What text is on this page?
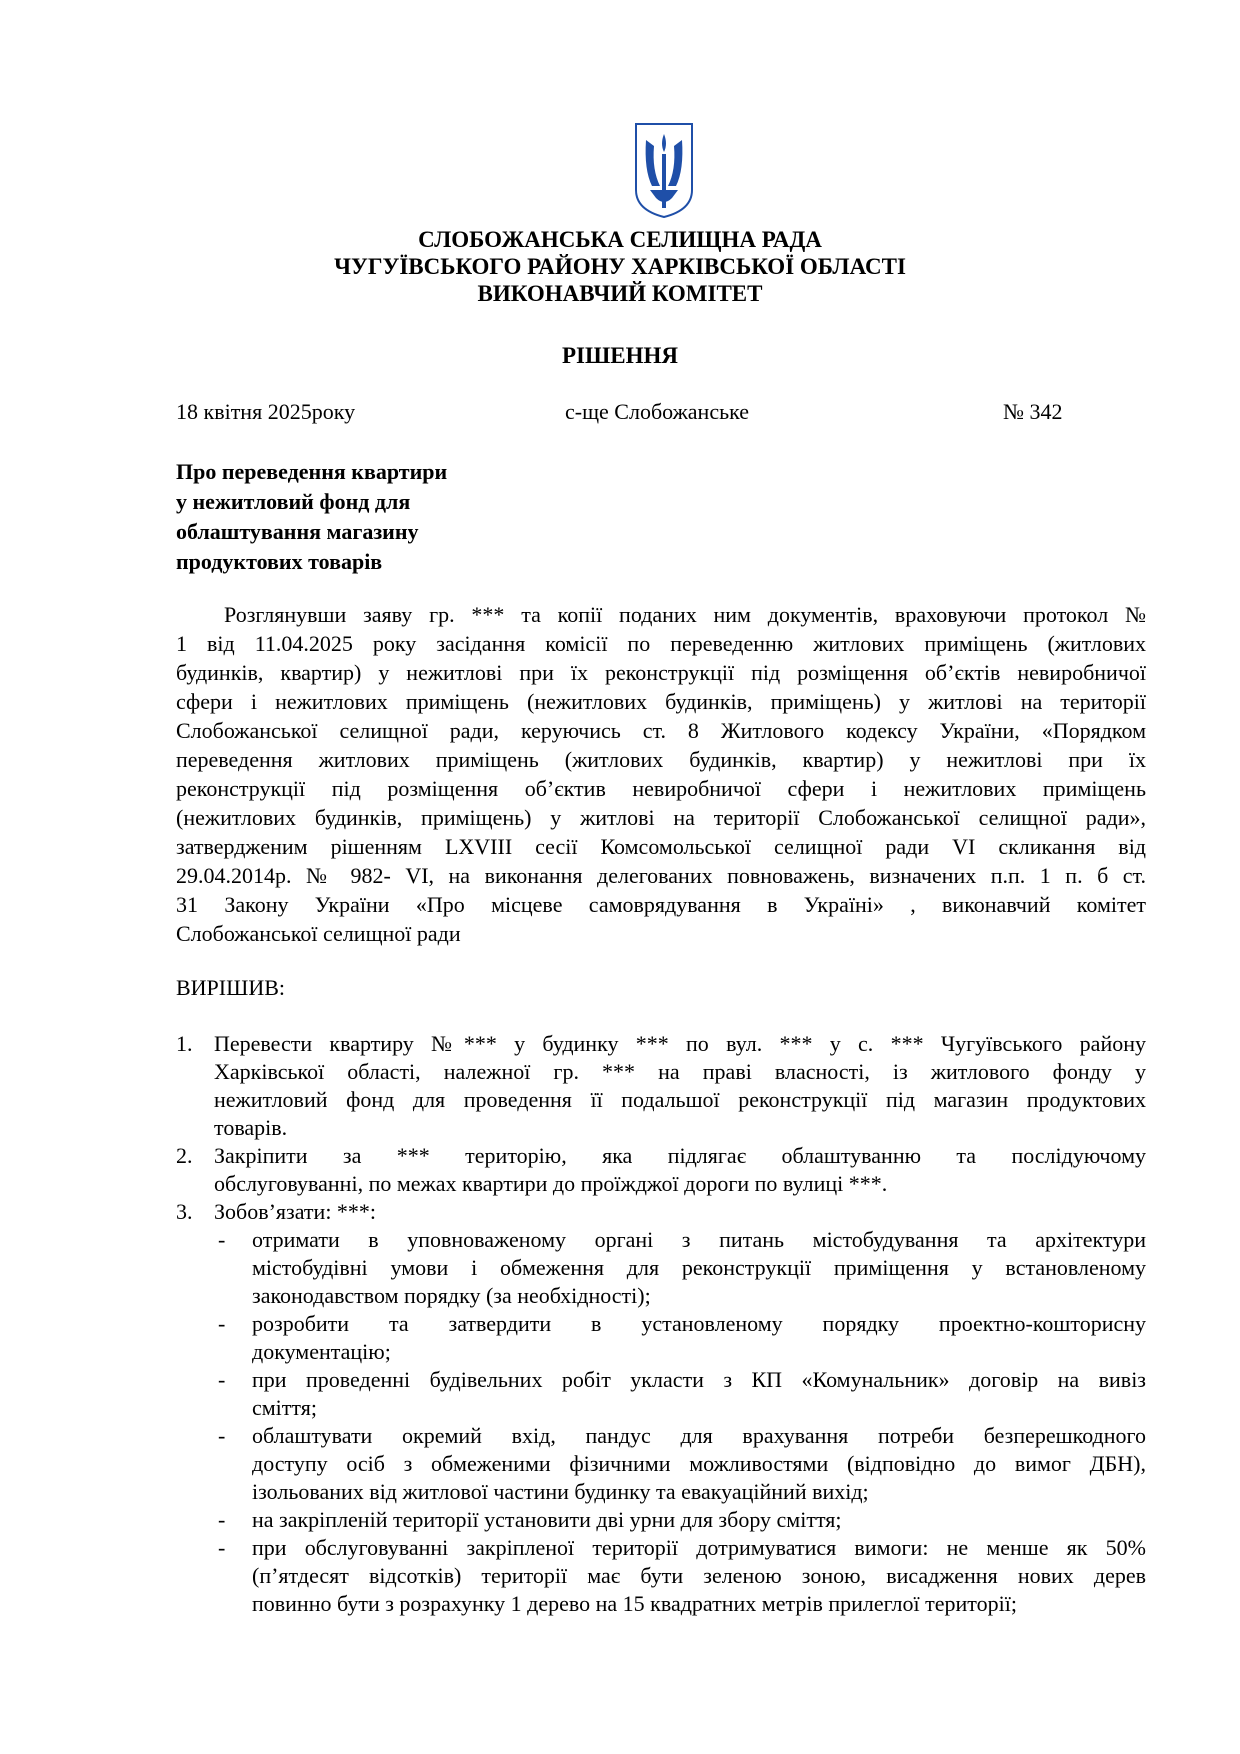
СЛОБОЖАНСЬКА СЕЛИЩНА РАДА
ЧУГУЇВСЬКОГО РАЙОНУ ХАРКІВСЬКОЇ ОБЛАСТІ
ВИКОНАВЧИЙ КОМІТЕТ
РІШЕННЯ
18 квітня 2025року	с-ще Слобожанське	№ 342
Про переведення квартири
у нежитловий фонд для
облаштування магазину
продуктових товарів
Розглянувши заяву гр. *** та копії поданих ним документів, враховуючи протокол №
1 від 11.04.2025 року засідання комісії по переведенню житлових приміщень (житлових
будинків, квартир) у нежитлові при їх реконструкції під розміщення об’єктів невиробничої
сфери і нежитлових приміщень (нежитлових будинків, приміщень) у житлові на території
Слобожанської селищної ради, керуючись ст. 8 Житлового кодексу України, «Порядком
переведення житлових приміщень (житлових будинків, квартир) у нежитлові при їх
реконструкції під розміщення об’єктив невиробничої сфери і нежитлових приміщень
(нежитлових будинків, приміщень) у житлові на території Слобожанської селищної ради»,
затвердженим рішенням LXVIII сесії Комсомольської селищної ради VI скликання від
29.04.2014р. № 982- VI, на виконання делегованих повноважень, визначених п.п. 1 п. б ст.
31 Закону України «Про місцеве самоврядування в Україні» , виконавчий комітет
Слобожанської селищної ради
ВИРІШИВ:
1. Перевести квартиру №*** у будинку *** по вул. *** у с. *** Чугуївського району
Харківської області, належної гр. *** на праві власності, із житлового фонду у
нежитловий фонд для проведення її подальшої реконструкції під магазин продуктових
товарів.
2. Закріпити за *** територію, яка підлягає облаштуванню та послідуючому
обслуговуванні, по межах квартири до проїжджої дороги по вулиці ***.
3. Зобов’язати: ***:
- отримати в уповноваженому органі з питань містобудування та архітектури
містобудівні умови і обмеження для реконструкції приміщення у встановленому
законодавством порядку (за необхідності);
- розробити та затвердити в установленому порядку проектно-кошторисну
документацію;
- при проведенні будівельних робіт укласти з КП «Комунальник» договір на вивіз
сміття;
- облаштувати окремий вхід, пандус для врахування потреби безперешкодного
доступу осіб з обмеженими фізичними можливостями (відповідно до вимог ДБН),
ізольованих від житлової частини будинку та евакуаційний вихід;
- на закріпленій території установити дві урни для збору сміття;
- при обслуговуванні закріпленої території дотримуватися вимоги: не менше як 50%
(п’ятдесят відсотків) території має бути зеленою зоною, висадження нових дерев
повинно бути з розрахунку 1 дерево на 15 квадратних метрів прилеглої території;
